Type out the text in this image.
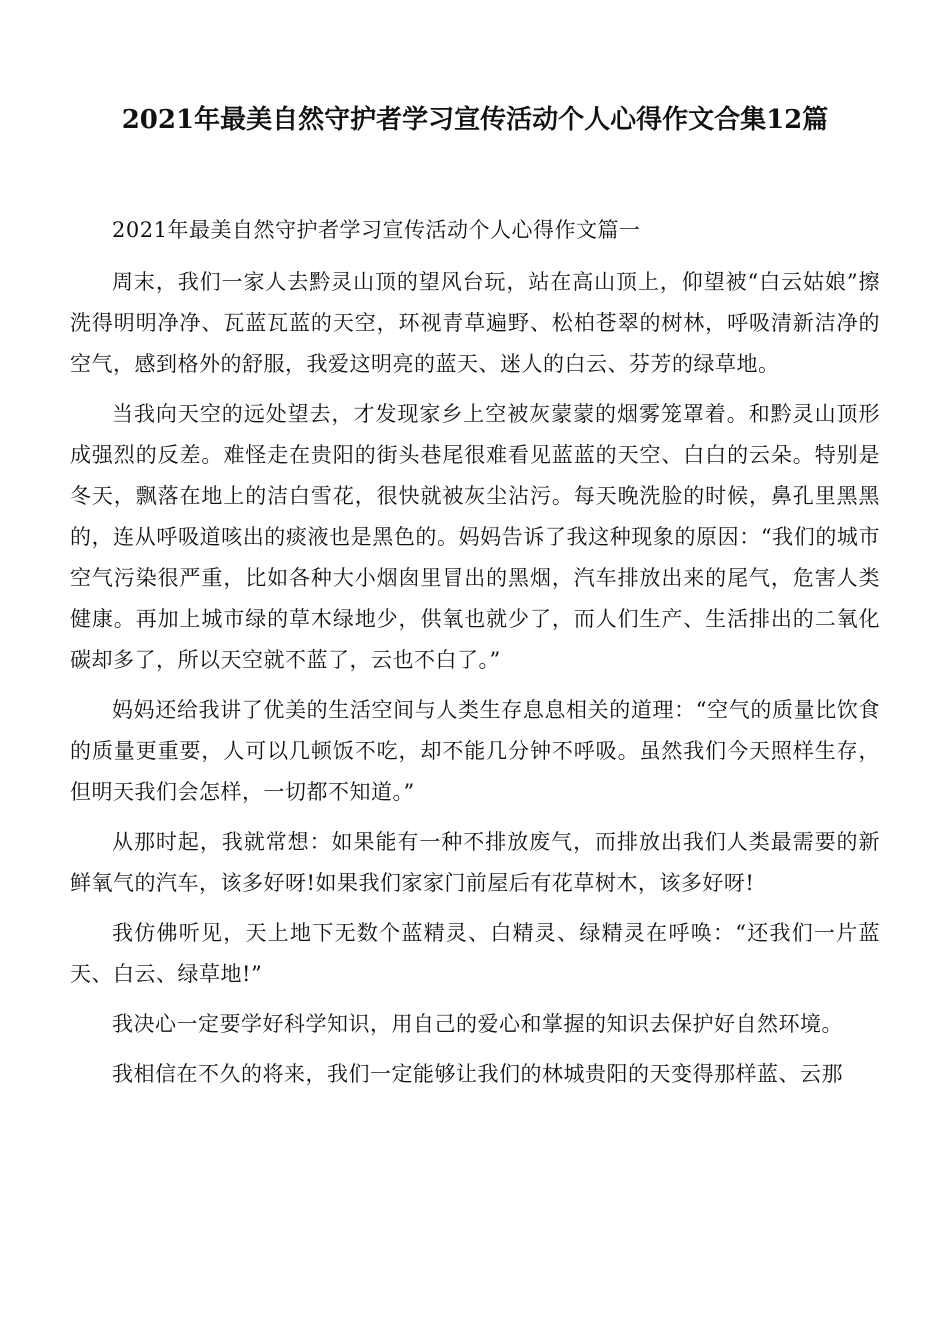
2021年最美自然守护者学习宣传活动个人心得作文合集12篇

2021年最美自然守护者学习宣传活动个人心得作文篇一

周末，我们一家人去黔灵山顶的望风台玩，站在高山顶上，仰望被“白云姑娘”擦洗得明明净净、瓦蓝瓦蓝的天空，环视青草遍野、松柏苍翠的树林，呼吸清新洁净的空气，感到格外的舒服，我爱这明亮的蓝天、迷人的白云、芬芳的绿草地。

当我向天空的远处望去，才发现家乡上空被灰蒙蒙的烟雾笼罩着。和黔灵山顶形成强烈的反差。难怪走在贵阳的街头巷尾很难看见蓝蓝的天空、白白的云朵。特别是冬天，飘落在地上的洁白雪花，很快就被灰尘沾污。每天晚洗脸的时候，鼻孔里黑黑的，连从呼吸道咳出的痰液也是黑色的。妈妈告诉了我这种现象的原因：“我们的城市空气污染很严重，比如各种大小烟囱里冒出的黑烟，汽车排放出来的尾气，危害人类健康。再加上城市绿的草木绿地少，供氧也就少了，而人们生产、生活排出的二氧化碳却多了，所以天空就不蓝了，云也不白了。”

妈妈还给我讲了优美的生活空间与人类生存息息相关的道理：“空气的质量比饮食的质量更重要，人可以几顿饭不吃，却不能几分钟不呼吸。虽然我们今天照样生存，但明天我们会怎样，一切都不知道。”

从那时起，我就常想：如果能有一种不排放废气，而排放出我们人类最需要的新鲜氧气的汽车，该多好呀!如果我们家家门前屋后有花草树木，该多好呀!

我仿佛听见，天上地下无数个蓝精灵、白精灵、绿精灵在呼唤：“还我们一片蓝天、白云、绿草地!”

我决心一定要学好科学知识，用自己的爱心和掌握的知识去保护好自然环境。

我相信在不久的将来，我们一定能够让我们的林城贵阳的天变得那样蓝、云那
